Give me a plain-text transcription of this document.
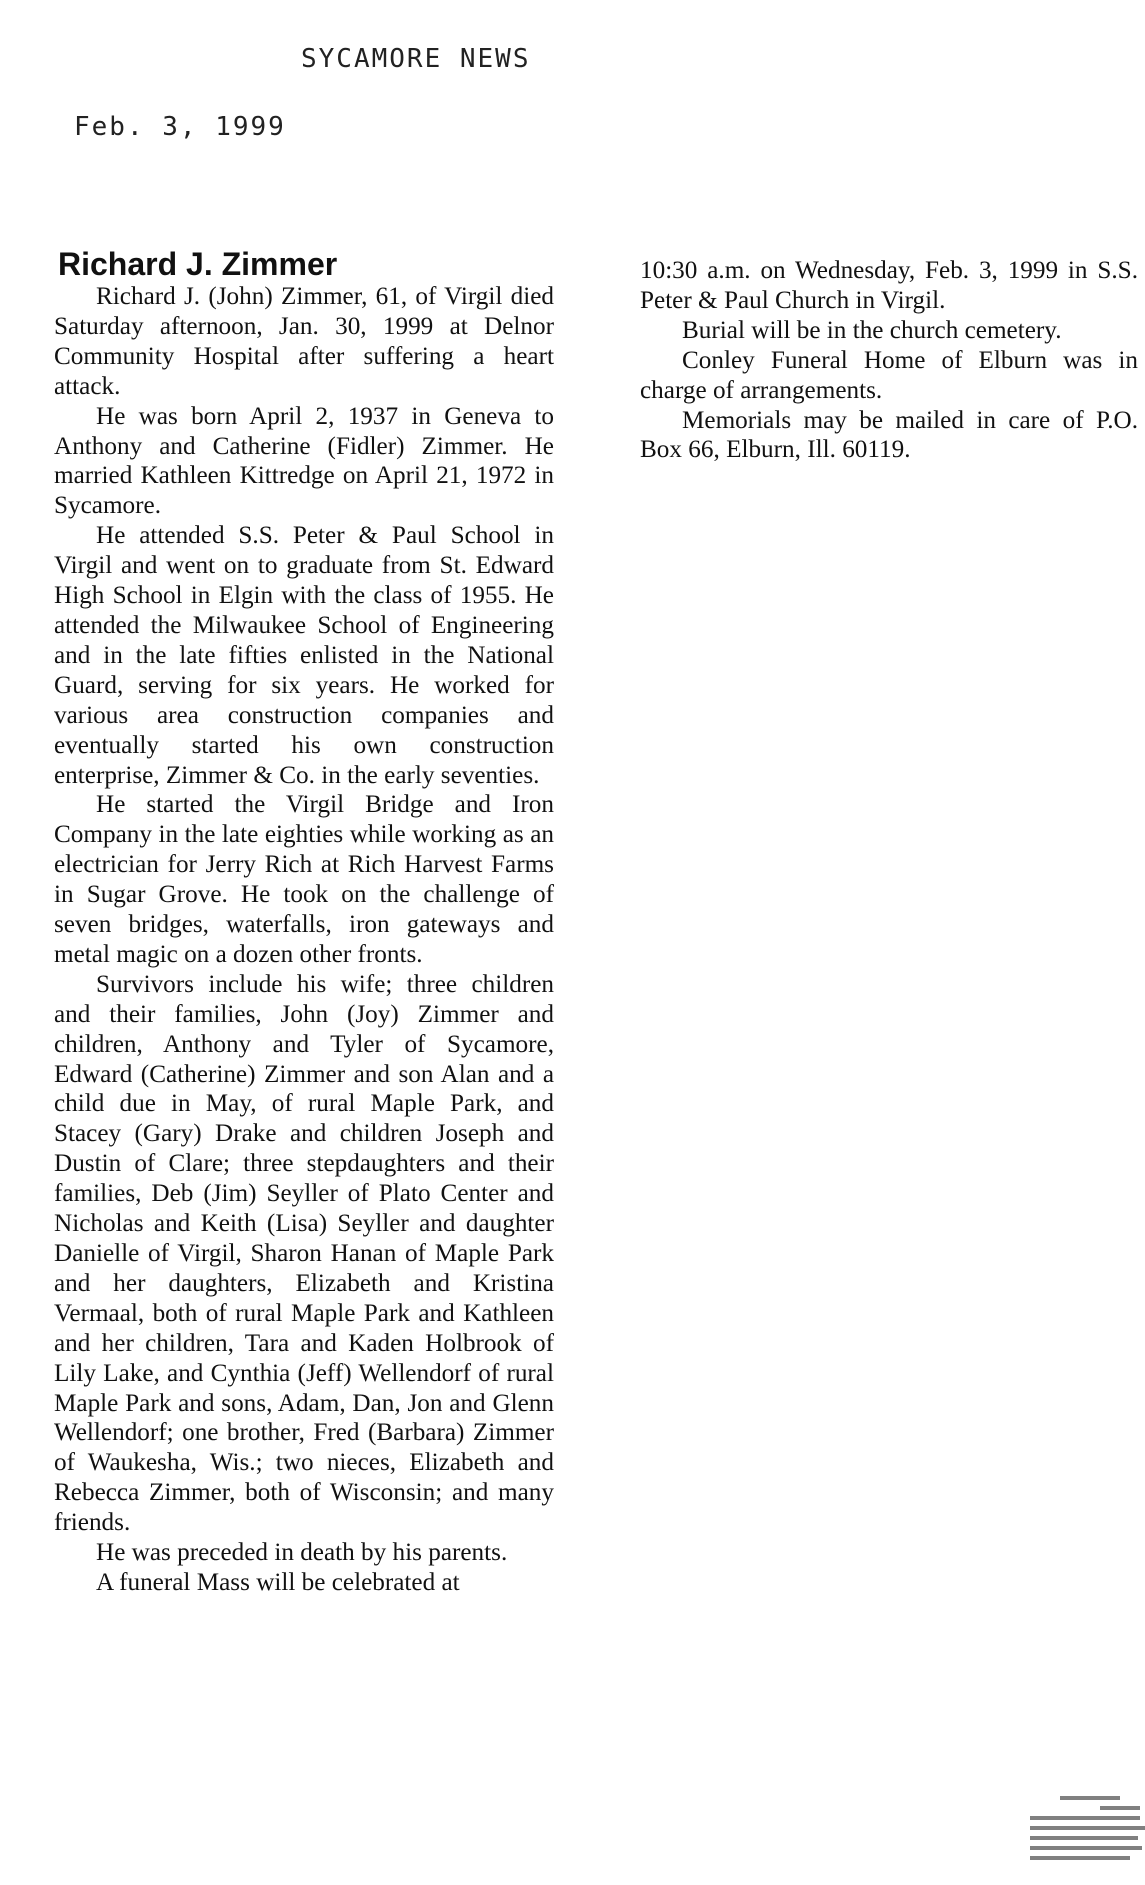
SYCAMORE NEWS
Feb. 3, 1999
Richard J. Zimmer

Richard J. (John) Zimmer, 61, of Virgil died Saturday afternoon, Jan. 30, 1999 at Delnor Community Hospital after suffering a heart attack.

He was born April 2, 1937 in Geneva to Anthony and Catherine (Fidler) Zimmer. He married Kathleen Kittredge on April 21, 1972 in Sycamore.

He attended S.S. Peter & Paul School in Virgil and went on to graduate from St. Edward High School in Elgin with the class of 1955. He attended the Milwaukee School of Engineering and in the late fifties enlisted in the National Guard, serving for six years. He worked for various area construction companies and eventually started his own construction enterprise, Zimmer & Co. in the early seventies.

He started the Virgil Bridge and Iron Company in the late eighties while working as an electrician for Jerry Rich at Rich Harvest Farms in Sugar Grove. He took on the challenge of seven bridges, waterfalls, iron gateways and metal magic on a dozen other fronts.

Survivors include his wife; three children and their families, John (Joy) Zimmer and children, Anthony and Tyler of Sycamore, Edward (Catherine) Zimmer and son Alan and a child due in May, of rural Maple Park, and Stacey (Gary) Drake and children Joseph and Dustin of Clare; three stepdaughters and their families, Deb (Jim) Seyller of Plato Center and Nicholas and Keith (Lisa) Seyller and daughter Danielle of Virgil, Sharon Hanan of Maple Park and her daughters, Elizabeth and Kristina Vermaal, both of rural Maple Park and Kathleen and her children, Tara and Kaden Holbrook of Lily Lake, and Cynthia (Jeff) Wellendorf of rural Maple Park and sons, Adam, Dan, Jon and Glenn Wellendorf; one brother, Fred (Barbara) Zimmer of Waukesha, Wis.; two nieces, Elizabeth and Rebecca Zimmer, both of Wisconsin; and many friends.

He was preceded in death by his parents.

A funeral Mass will be celebrated at

10:30 a.m. on Wednesday, Feb. 3, 1999 in S.S. Peter & Paul Church in Virgil.

Burial will be in the church cemetery.

Conley Funeral Home of Elburn was in charge of arrangements.

Memorials may be mailed in care of P.O. Box 66, Elburn, Ill. 60119.
